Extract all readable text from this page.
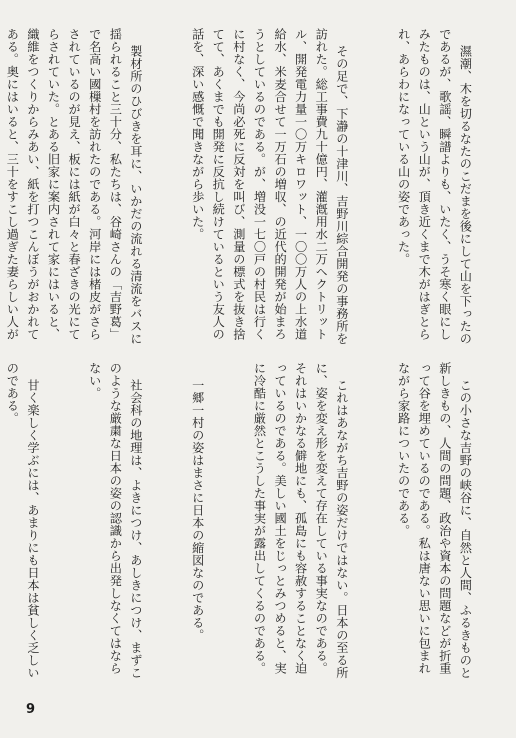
濕潮、木を切るなたのこだまを後にして山を下ったのであるが、歌謡、瞬譜よりも、いたく、うそ寒く眼にしみたものは、山という山が、頂き近くまで木がはぎとられ、あらわになっている山の姿であった。

その足で、下瀞の十津川、吉野川綜合開発の事務所を訪れた。総工事費九十億円、灌漑用水二万ヘクトリットル、開発電力量一〇万キロワット、一〇〇万人の上水道給水、米麦合せて一万石の増収、の近代的開発が始まろうとしているのである。が、増没一七〇戸の村民は行くに村なく、今尚必死に反対を叫び、測量の標式を抜き捨てて、あくまでも開発に反抗し続けているという友人の話を、深い感慨で聞きながら歩いた。

製材所のひびきを耳に、いかだの流れる清流をバスに揺られること三十分、私たちは、谷崎さんの「吉野葛」で名高い國樔村を訪れたのである。河岸には楮皮がさらされているのが見え、板には紙が白々と春ざきの光にてらされていた。とある旧家に案内されて家にはいると、織維をつくりからみあい、紙を打つこんぼうがおかれてある。奥にはいると、三十をすこし過ぎた妻らしい人が

この小さな吉野の峡谷に、自然と人間、ふるきものと新しきもの、人間の問題、政治や資本の問題などが折重って谷を埋めているのである。私は唐ない思いに包まれながら家路についたのである。

これはあながち吉野の姿だけではない。日本の至る所に、姿を変え形を変えて存在している事実なのである。それはいかなる僻地にも、孤島にも容赦することなく迫っているのである。美しい國土をじっとみつめると、実に冷酷に厳然とこうした事実が露出してくるのである。

一郷一村の姿はまさに日本の縮図なのである。

社会科の地理は、よきにつけ、あしきにつけ、まずこのような厳粛な日本の姿の認識から出発しなくてはならない。

甘く楽しく学ぶには、あまりにも日本は貧しく乏しいのである。

9
